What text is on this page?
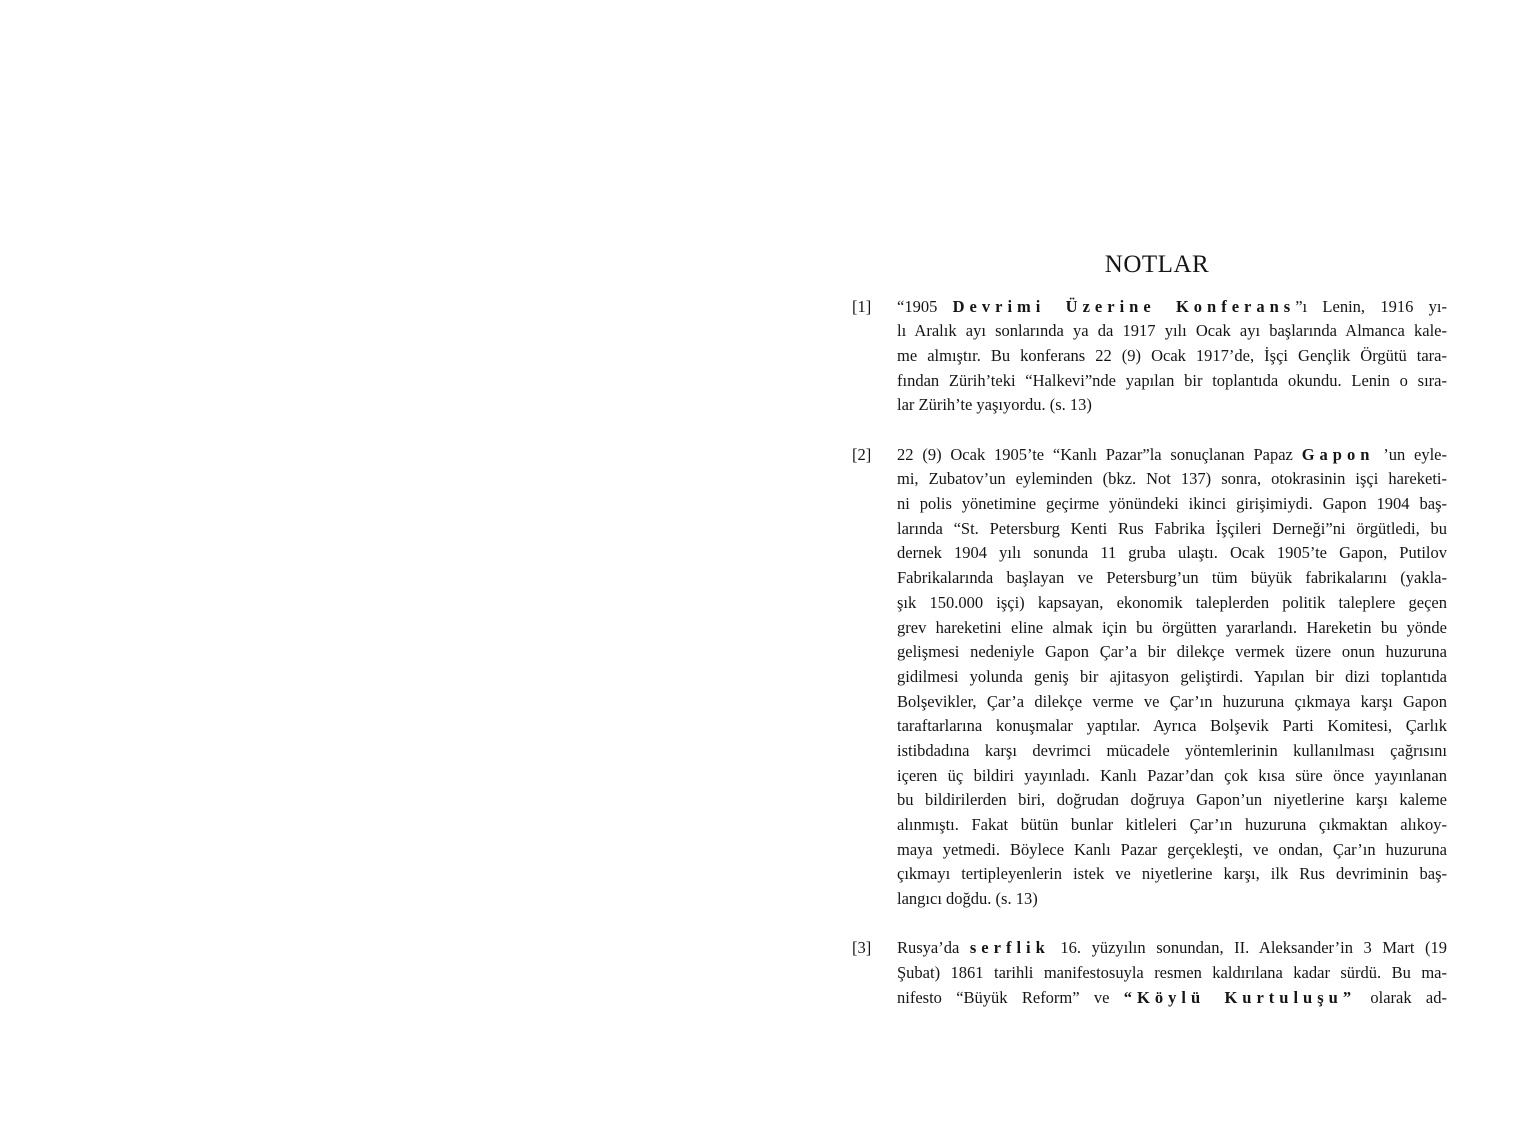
NOTLAR
[1]	“1905 Devrimi Üzerine Konferans”ı Lenin, 1916 yı-
lı Aralık ayı sonlarında ya da 1917 yılı Ocak ayı başlarında Almanca kale-
me almıştır. Bu konferans 22 (9) Ocak 1917’de, İşçi Gençlik Örgütü tara-
fından Zürih’teki “Halkevi”nde yapılan bir toplantıda okundu. Lenin o sıra-
lar Zürih’te yaşıyordu. (s. 13)
[2]	22 (9) Ocak 1905’te “Kanlı Pazar”la sonuçlanan Papaz Gapon ’un eyle-
mi, Zubatov’un eyleminden (bkz. Not 137) sonra, otokrasinin işçi hareketi-
ni polis yönetimine geçirme yönündeki ikinci girişimiydi. Gapon 1904 baş-
larında “St. Petersburg Kenti Rus Fabrika İşçileri Derneği”ni örgütledi, bu
dernek 1904 yılı sonunda 11 gruba ulaştı. Ocak 1905’te Gapon, Putilov
Fabrikalarında başlayan ve Petersburg’un tüm büyük fabrikalarını (yakla-
şık 150.000 işçi) kapsayan, ekonomik taleplerden politik taleplere geçen
grev hareketini eline almak için bu örgütten yararlandı. Hareketin bu yönde
gelişmesi nedeniyle Gapon Çar’a bir dilekçe vermek üzere onun huzuruna
gidilmesi yolunda geniş bir ajitasyon geliştirdi. Yapılan bir dizi toplantıda
Bolşevikler, Çar’a dilekçe verme ve Çar’ın huzuruna çıkmaya karşı Gapon
taraftarlarına konuşmalar yaptılar. Ayrıca Bolşevik Parti Komitesi, Çarlık
istibdadına karşı devrimci mücadele yöntemlerinin kullanılması çağrısını
içeren üç bildiri yayınladı. Kanlı Pazar’dan çok kısa süre önce yayınlanan
bu bildirilerden biri, doğrudan doğruya Gapon’un niyetlerine karşı kaleme
alınmıştı. Fakat bütün bunlar kitleleri Çar’ın huzuruna çıkmaktan alıkoy-
maya yetmedi. Böylece Kanlı Pazar gerçekleşti, ve ondan, Çar’ın huzuruna
çıkmayı tertipleyenlerin istek ve niyetlerine karşı, ilk Rus devriminin baş-
langıcı doğdu. (s. 13)
[3]	Rusya’da serflik 16. yüzyılın sonundan, II. Aleksander’in 3 Mart (19
Şubat) 1861 tarihli manifestosuyla resmen kaldırılana kadar sürdü. Bu ma-
nifesto “Büyük Reform” ve “Köylü Kurtuluşu” olarak ad-
